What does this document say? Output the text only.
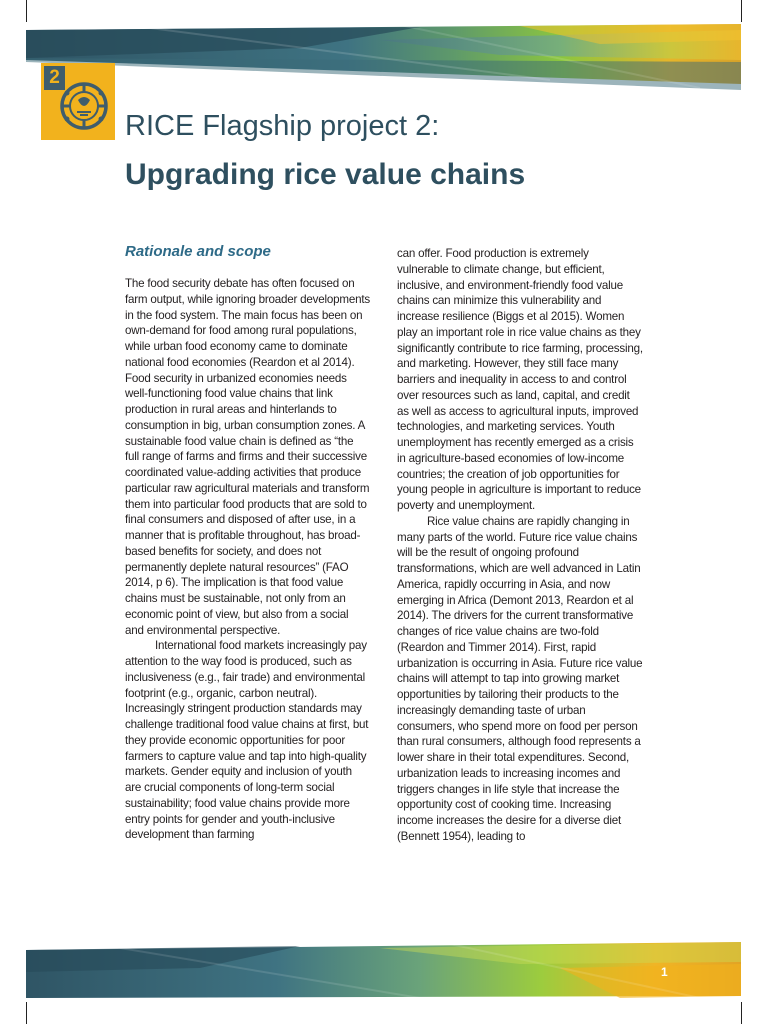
2
RICE Flagship project 2:
Upgrading rice value chains
Rationale and scope

The food security debate has often focused on farm output, while ignoring broader developments in the food system. The main focus has been on own-demand for food among rural populations, while urban food economy came to dominate national food economies (Reardon et al 2014). Food security in urbanized economies needs well-functioning food value chains that link production in rural areas and hinterlands to consumption in big, urban consumption zones. A sustainable food value chain is defined as “the full range of farms and firms and their successive coordinated value-adding activities that produce particular raw agricultural materials and transform them into particular food products that are sold to final consumers and disposed of after use, in a manner that is profitable throughout, has broad-based benefits for society, and does not permanently deplete natural resources” (FAO 2014, p 6). The implication is that food value chains must be sustainable, not only from an economic point of view, but also from a social and environmental perspective.

International food markets increasingly pay attention to the way food is produced, such as inclusiveness (e.g., fair trade) and environmental footprint (e.g., organic, carbon neutral). Increasingly stringent production standards may challenge traditional food value chains at first, but they provide economic opportunities for poor farmers to capture value and tap into high-quality markets. Gender equity and inclusion of youth are crucial components of long-term social sustainability; food value chains provide more entry points for gender and youth-inclusive development than farming

can offer. Food production is extremely vulnerable to climate change, but efficient, inclusive, and environment-friendly food value chains can minimize this vulnerability and increase resilience (Biggs et al 2015). Women play an important role in rice value chains as they significantly contribute to rice farming, processing, and marketing. However, they still face many barriers and inequality in access to and control over resources such as land, capital, and credit as well as access to agricultural inputs, improved technologies, and marketing services. Youth unemployment has recently emerged as a crisis in agriculture-based economies of low-income countries; the creation of job opportunities for young people in agriculture is important to reduce poverty and unemployment.

Rice value chains are rapidly changing in many parts of the world. Future rice value chains will be the result of ongoing profound transformations, which are well advanced in Latin America, rapidly occurring in Asia, and now emerging in Africa (Demont 2013, Reardon et al 2014). The drivers for the current transformative changes of rice value chains are two-fold (Reardon and Timmer 2014). First, rapid urbanization is occurring in Asia. Future rice value chains will attempt to tap into growing market opportunities by tailoring their products to the increasingly demanding taste of urban consumers, who spend more on food per person than rural consumers, although food represents a lower share in their total expenditures. Second, urbanization leads to increasing incomes and triggers changes in life style that increase the opportunity cost of cooking time. Increasing income increases the desire for a diverse diet (Bennett 1954), leading to

1
